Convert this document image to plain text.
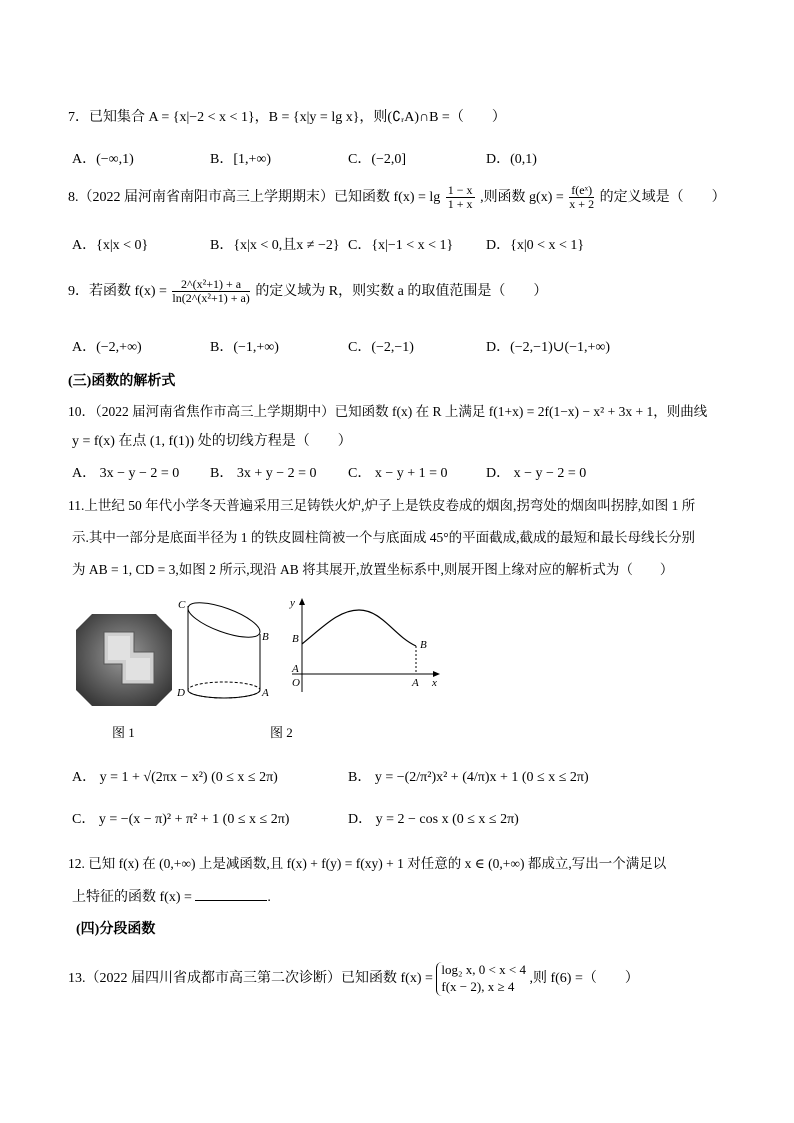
7．已知集合 A = {x|−2 < x < 1}，B = {x|y = lg x}，则(∁ᵣA)∩B =（　　）
A．(−∞,1)	B．[1,+∞)	C．(−2,0]	D．(0,1)
8.（2022 届河南省南阳市高三上学期期末）已知函数 $f(x) = \lg \frac{1 - x}{1 + x}$ ,则函数 $g(x) = \frac{\text{f(eˣ)}}{x + 2}$ 的定义域是（　　）
A．{x|x < 0}	B．{x|x < 0,且x ≠ −2} C．{x|−1 < x < 1} D．{x|0 < x < 1}
9．若函数 $f(x) = \frac{\text{2\textasciicircum{}(x²+1) + a}}{\text{ln(2\textasciicircum{}(x²+1) + a)}}$ 的定义域为 R，则实数 a 的取值范围是（　　）
A．(−2,+∞)	B．(−1,+∞)	C．(−2,−1)	D．(−2,−1)∪(−1,+∞)
(三)函数的解析式
10．（2022 届河南省焦作市高三上学期期中）已知函数 f(x) 在 R 上满足 f(1+x) = 2f(1−x) − x² + 3x + 1，则曲线
y = f(x) 在点 (1, f(1)) 处的切线方程是（　　）
A． 3x − y − 2 = 0 B． 3x + y − 2 = 0 C． x − y + 1 = 0	D． x − y − 2 = 0
11.上世纪 50 年代小学冬天普遍采用三足铸铁火炉,炉子上是铁皮卷成的烟囱,拐弯处的烟囱叫拐脖,如图 1 所
示.其中一部分是底面半径为 1 的铁皮圆柱筒被一个与底面成 45°的平面截成,截成的最短和最长母线长分别
为 AB = 1, CD = 3,如图 2 所示,现沿 AB 将其展开,放置坐标系中,则展开图上缘对应的解析式为（　　）
图 1
C
B
D	A
y
B	B
A
O	A x
图 2
A． y = 1 + √(2πx − x²) (0 ≤ x ≤ 2π)	B． y = −(2/π²)x² + (4/π)x + 1 (0 ≤ x ≤ 2π)
C． y = −(x − π)² + π² + 1 (0 ≤ x ≤ 2π)	D． y = 2 − cos x (0 ≤ x ≤ 2π)
12. 已知 f(x) 在 (0,+∞) 上是减函数,且 f(x) + f(y) = f(xy) + 1 对任意的 x ∈ (0,+∞) 都成立,写出一个满足以
上特征的函数 f(x) =	.
(四)分段函数
13.（2022 届四川省成都市高三第二次诊断）已知函数 f(x) =
log₂ x, 0 < x < 4
f(x − 2), x ≥ 4
,则 f(6) =（　　）
